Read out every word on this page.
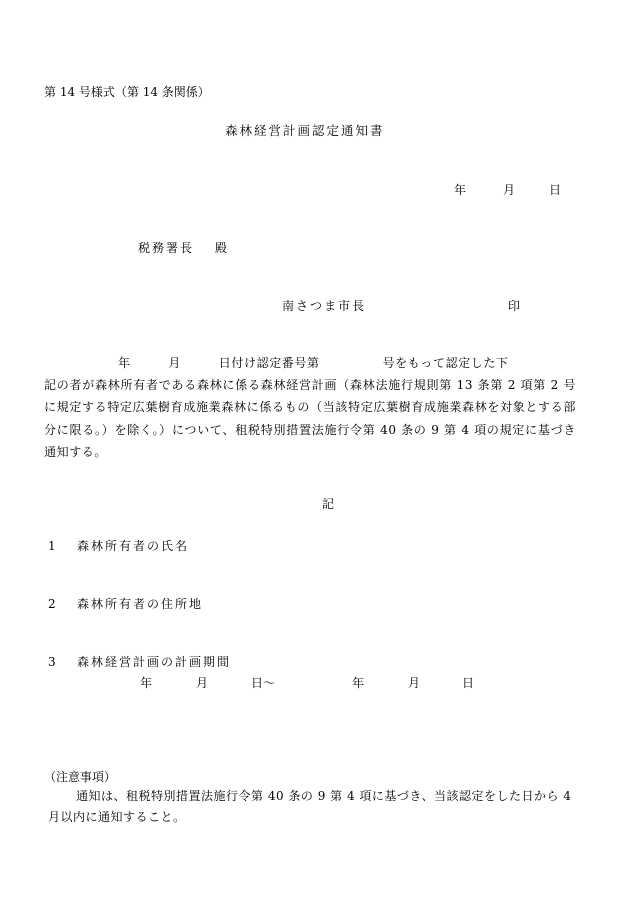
第 14 号様式（第 14 条関係）
森林経営計画認定通知書
年	月	日
税務署長 殿
南さつま市長	印
年　　　月　　　日付け認定番号第　　　　　号をもって認定した下
記の者が森林所有者である森林に係る森林経営計画（森林法施行規則第 13 条第 2 項第 2 号に規定する特定広葉樹育成施業森林に係るもの（当該特定広葉樹育成施業森林を対象とする部分に限る。）を除く。）について、租税特別措置法施行令第 40 条の 9 第 4 項の規定に基づき通知する。
記
1 森林所有者の氏名
2 森林所有者の住所地
3 森林経営計画の計画期間
年	月	日〜	年	月	日
（注意事項）
通知は、租税特別措置法施行令第 40 条の 9 第 4 項に基づき、当該認定をした日から 4 月以内に通知すること。
